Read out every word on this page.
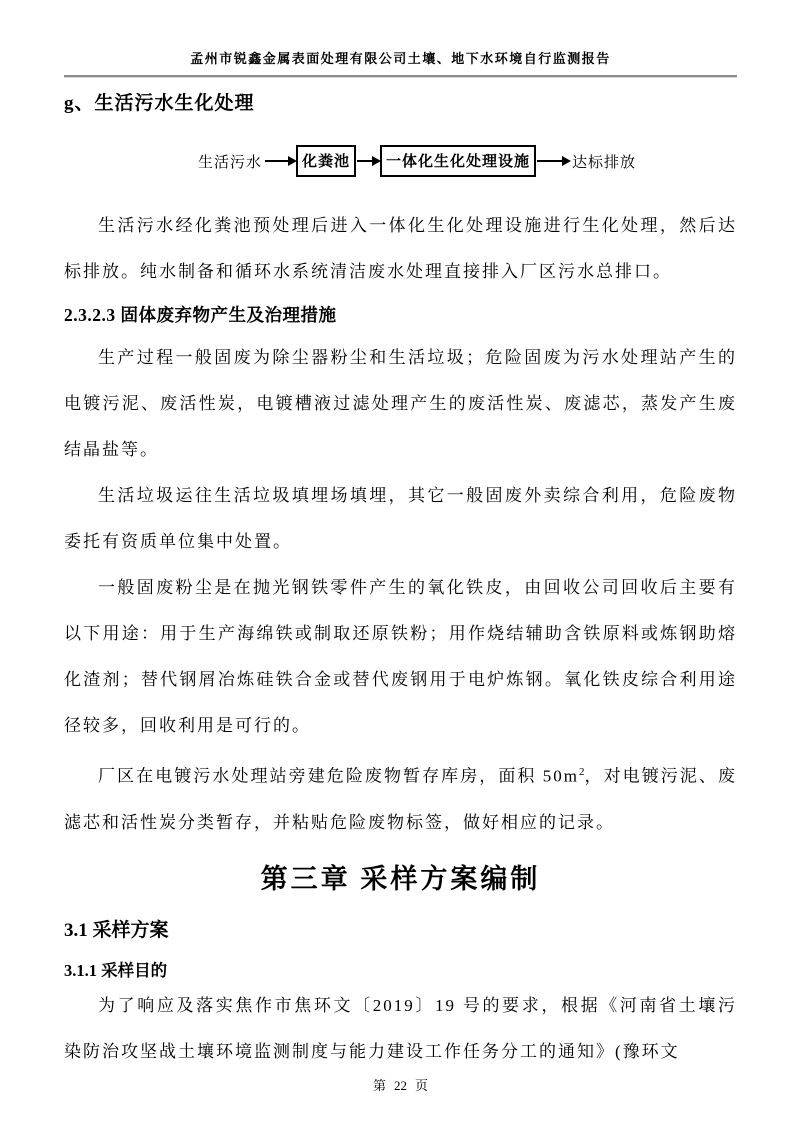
孟州市锐鑫金属表面处理有限公司土壤、地下水环境自行监测报告
g、生活污水生化处理
生活污水	化粪池	一体化生化处理设施	达标排放

生活污水经化粪池预处理后进入一体化生化处理设施进行生化处理，然后达标排放。纯水制备和循环水系统清洁废水处理直接排入厂区污水总排口。

2.3.2.3 固体废弃物产生及治理措施

生产过程一般固废为除尘器粉尘和生活垃圾；危险固废为污水处理站产生的电镀污泥、废活性炭，电镀槽液过滤处理产生的废活性炭、废滤芯，蒸发产生废结晶盐等。

生活垃圾运往生活垃圾填埋场填埋，其它一般固废外卖综合利用，危险废物委托有资质单位集中处置。

一般固废粉尘是在抛光钢铁零件产生的氧化铁皮，由回收公司回收后主要有以下用途：用于生产海绵铁或制取还原铁粉；用作烧结辅助含铁原料或炼钢助熔化渣剂；替代钢屑冶炼硅铁合金或替代废钢用于电炉炼钢。氧化铁皮综合利用途径较多，回收利用是可行的。

厂区在电镀污水处理站旁建危险废物暂存库房，面积 $50m^2$，对电镀污泥、废滤芯和活性炭分类暂存，并粘贴危险废物标签，做好相应的记录。

第三章 采样方案编制
3.1 采样方案
3.1.1 采样目的

为了响应及落实焦作市焦环文〔2019〕19 号的要求，根据《河南省土壤污染防治攻坚战土壤环境监测制度与能力建设工作任务分工的通知》(豫环文

第 22 页
